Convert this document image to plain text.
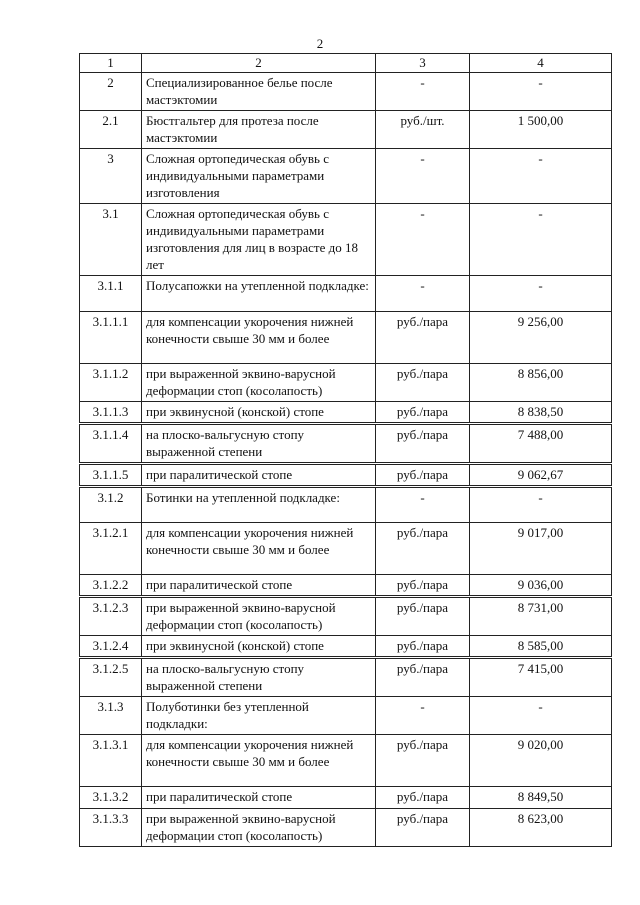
2
1	2	3	4
2	Специализированное белье после мастэктомии	-	-
2.1	Бюстгальтер для протеза после мастэктомии	руб./шт.	1 500,00
3	Сложная ортопедическая обувь с индивидуальными параметрами изготовления	-	-
3.1	Сложная ортопедическая обувь с индивидуальными параметрами изготовления для лиц в возрасте до 18 лет	-	-
3.1.1	Полусапожки на утепленной подкладке:	-	-
3.1.1.1	для компенсации укорочения нижней конечности свыше 30 мм и более	руб./пара	9 256,00
3.1.1.2	при выраженной эквино-варусной деформации стоп (косолапость)	руб./пара	8 856,00
3.1.1.3	при эквинусной (конской) стопе	руб./пара	8 838,50
3.1.1.4	на плоско-вальгусную стопу выраженной степени	руб./пара	7 488,00
3.1.1.5	при паралитической стопе	руб./пара	9 062,67
3.1.2	Ботинки на утепленной подкладке:	-	-
3.1.2.1	для компенсации укорочения нижней конечности свыше 30 мм и более	руб./пара	9 017,00
3.1.2.2	при паралитической стопе	руб./пара	9 036,00
3.1.2.3	при выраженной эквино-варусной деформации стоп (косолапость)	руб./пара	8 731,00
3.1.2.4	при эквинусной (конской) стопе	руб./пара	8 585,00
3.1.2.5	на плоско-вальгусную стопу выраженной степени	руб./пара	7 415,00
3.1.3	Полуботинки без утепленной подкладки:	-	-
3.1.3.1	для компенсации укорочения нижней конечности свыше 30 мм и более	руб./пара	9 020,00
3.1.3.2	при паралитической стопе	руб./пара	8 849,50
3.1.3.3	при выраженной эквино-варусной деформации стоп (косолапость)	руб./пара	8 623,00
